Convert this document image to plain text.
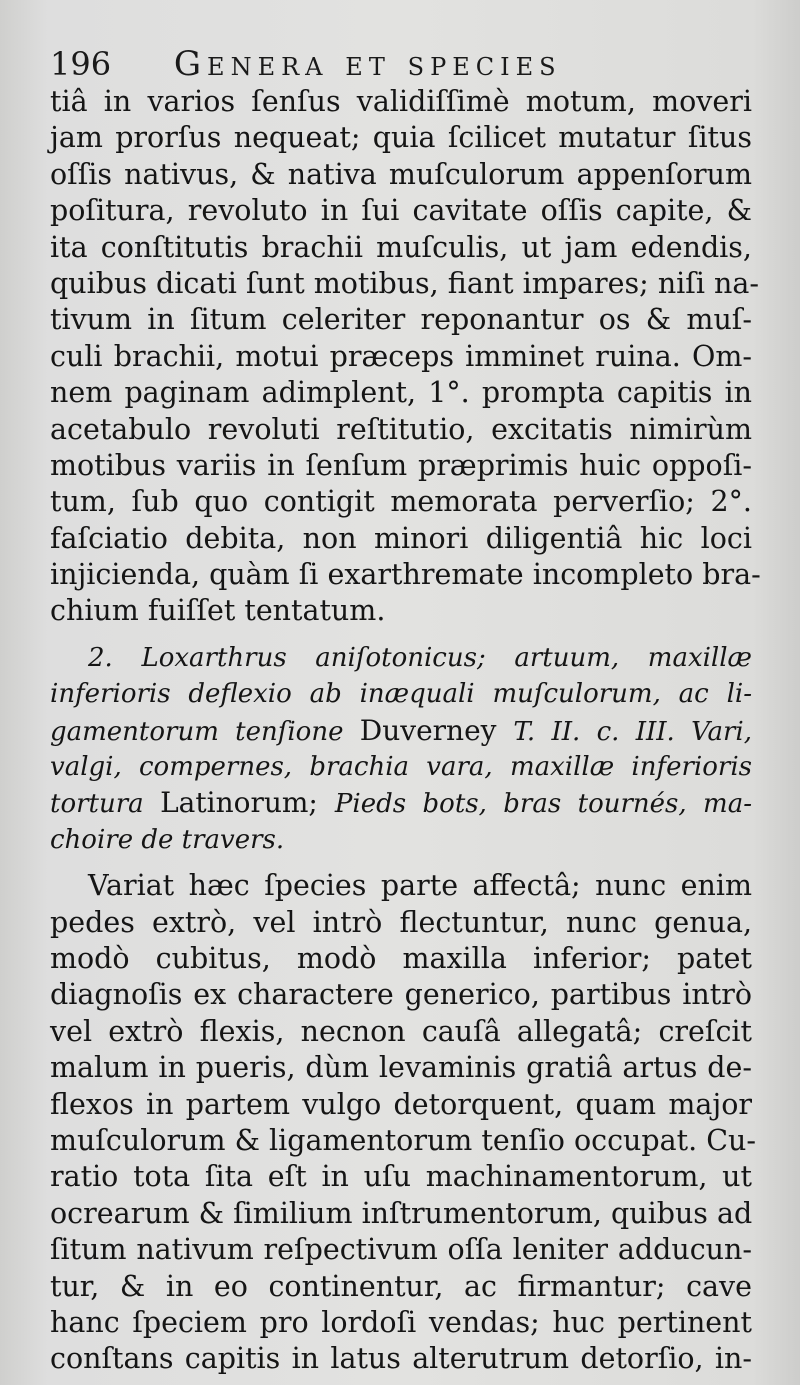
196 Genera et species
tiâ in varios ſenſus validiſſimè motum, moveri
jam prorſus nequeat; quia ſcilicet mutatur ſitus
oſſis nativus, & nativa muſculorum appenſorum
poſitura, revoluto in ſui cavitate oſſis capite, &
ita conſtitutis brachii muſculis, ut jam edendis,
quibus dicati ſunt motibus, fiant impares; niſi na-
tivum in ſitum celeriter reponantur os & muſ-
culi brachii, motui præceps imminet ruina. Om-
nem paginam adimplent, 1°. prompta capitis in
acetabulo revoluti reſtitutio, excitatis nimirùm
motibus variis in ſenſum præprimis huic oppoſi-
tum, ſub quo contigit memorata perverſio; 2°.
faſciatio debita, non minori diligentiâ hic loci
injicienda, quàm ſi exarthremate incompleto bra-
chium fuiſſet tentatum.
2. Loxarthrus aniſotonicus; artuum, maxillæ
inferioris deflexio ab inæquali muſculorum, ac li-
gamentorum tenſione Duverney T. II. c. III. Vari,
valgi, compernes, brachia vara, maxillæ inferioris
tortura Latinorum; Pieds bots, bras tournés, ma-
choire de travers.
Variat hæc ſpecies parte affectâ; nunc enim
pedes extrò, vel intrò flectuntur, nunc genua,
modò cubitus, modò maxilla inferior; patet
diagnoſis ex charactere generico, partibus intrò
vel extrò flexis, necnon cauſâ allegatâ; creſcit
malum in pueris, dùm levaminis gratiâ artus de-
flexos in partem vulgo detorquent, quam major
muſculorum & ligamentorum tenſio occupat. Cu-
ratio tota ſita eſt in uſu machinamentorum, ut
ocrearum & ſimilium inſtrumentorum, quibus ad
ſitum nativum reſpectivum oſſa leniter adducun-
tur, & in eo continentur, ac firmantur; cave
hanc ſpeciem pro lordoſi vendas; huc pertinent
conſtans capitis in latus alterutrum detorſio, in-
